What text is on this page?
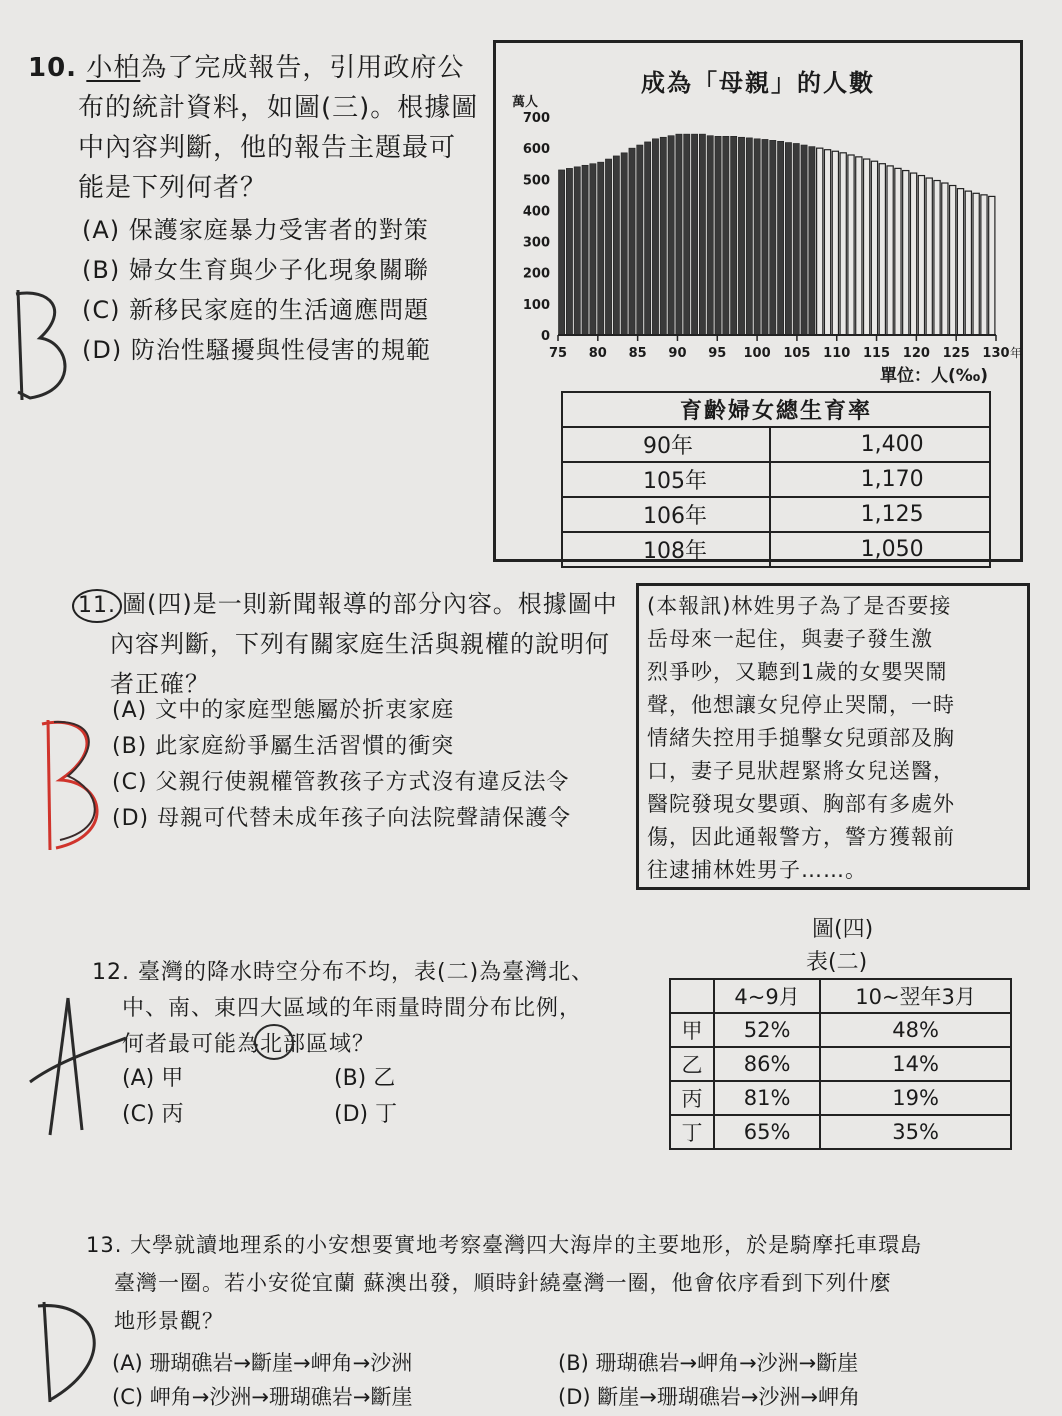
10. 小柏為了完成報告，引用政府公
布的統計資料，如圖(三)。根據圖
中內容判斷，他的報告主題最可
能是下列何者？
(A) 保護家庭暴力受害者的對策
(B) 婦女生育與少子化現象關聯
(C) 新移民家庭的生活適應問題
(D) 防治性騷擾與性侵害的規範
成為「母親」的人數
萬人
700
600
500
400
300
200
100
0
75 80 85 90 95 100 105 110 115 120 125 130 年
單位：人(‰)
育齡婦女總生育率	
90年	1,400
105年	1,170
106年	1,125
108年	1,050
11. 圖(四)是一則新聞報導的部分內容。根據圖中
內容判斷，下列有關家庭生活與親權的說明何
者正確？
(A) 文中的家庭型態屬於折衷家庭
(B) 此家庭紛爭屬生活習慣的衝突
(C) 父親行使親權管教孩子方式沒有違反法令
(D) 母親可代替未成年孩子向法院聲請保護令
(本報訊)林姓男子為了是否要接
岳母來一起住，與妻子發生激
烈爭吵，又聽到1歲的女嬰哭鬧
聲，他想讓女兒停止哭鬧，一時
情緒失控用手搥擊女兒頭部及胸
口，妻子見狀趕緊將女兒送醫，
醫院發現女嬰頭、胸部有多處外
傷，因此通報警方，警方獲報前
往逮捕林姓男子……。
圖(四)
12. 臺灣的降水時空分布不均，表(二)為臺灣北、
中、南、東四大區域的年雨量時間分布比例，
何者最可能為北部區域？
(A) 甲	(B) 乙
(C) 丙	(D) 丁
表(二)
	4~9月	10~翌年3月
甲	52%	48%
乙	86%	14%
丙	81%	19%
丁	65%	35%
13. 大學就讀地理系的小安想要實地考察臺灣四大海岸的主要地形，於是騎摩托車環島
臺灣一圈。若小安從宜蘭 蘇澳出發，順時針繞臺灣一圈，他會依序看到下列什麼
地形景觀？
(A) 珊瑚礁岩→斷崖→岬角→沙洲	(B) 珊瑚礁岩→岬角→沙洲→斷崖
(C) 岬角→沙洲→珊瑚礁岩→斷崖	(D) 斷崖→珊瑚礁岩→沙洲→岬角
